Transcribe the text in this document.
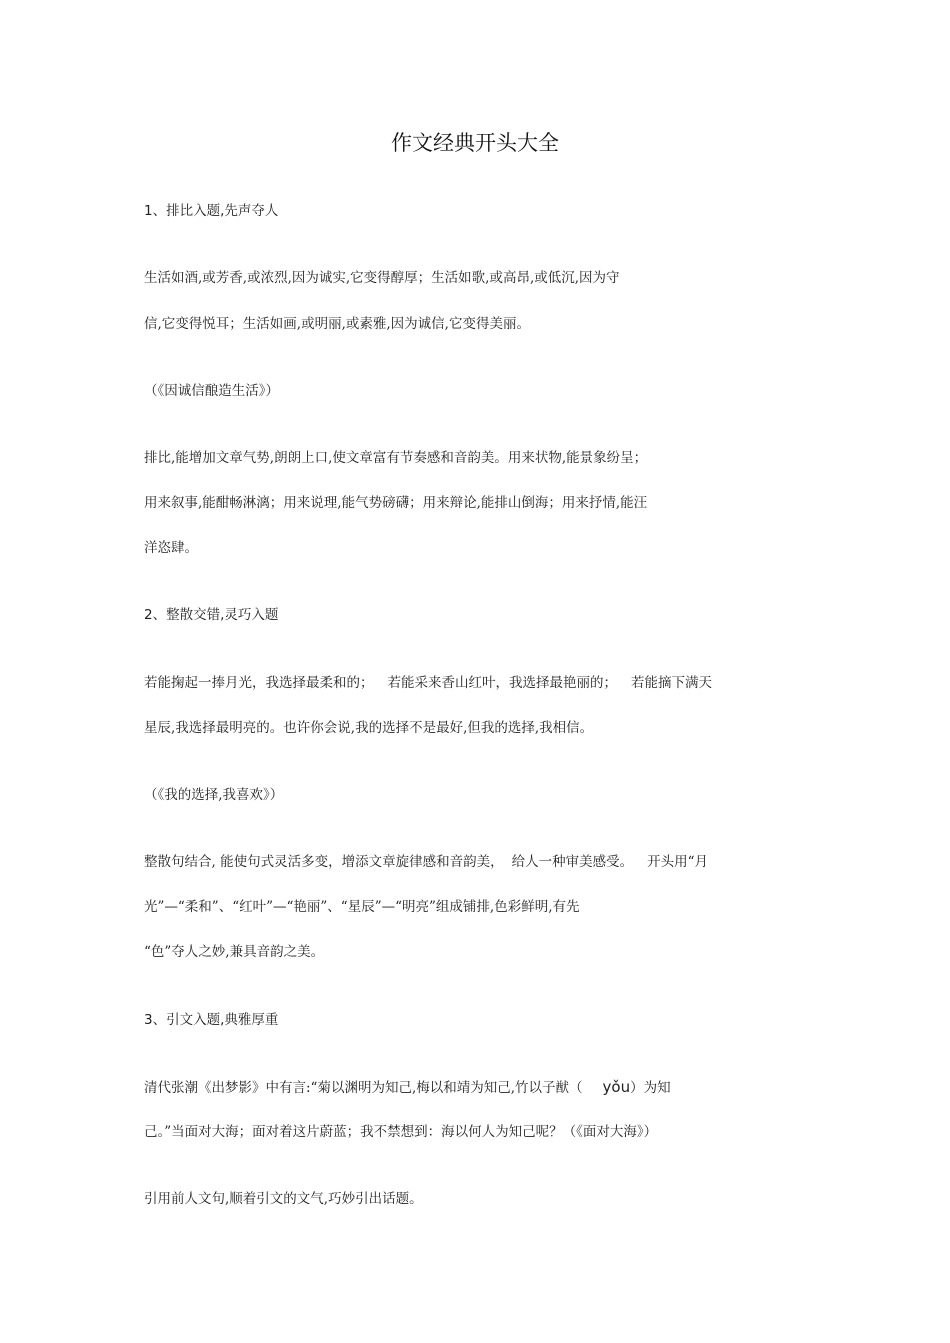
作文经典开头大全
1、排比入题,先声夺人
生活如酒,或芳香,或浓烈,因为诚实,它变得醇厚；生活如歌,或高昂,或低沉,因为守
信,它变得悦耳；生活如画,或明丽,或素雅,因为诚信,它变得美丽。
（《因诚信酿造生活》）
排比,能增加文章气势,朗朗上口,使文章富有节奏感和音韵美。用来状物,能景象纷呈；
用来叙事,能酣畅淋漓；用来说理,能气势磅礴；用来辩论,能排山倒海；用来抒情,能汪
洋恣肆。
2、整散交错,灵巧入题
若能掬起一捧月光，我选择最柔和的； 若能采来香山红叶，我选择最艳丽的； 若能摘下满天
星辰,我选择最明亮的。也许你会说,我的选择不是最好,但我的选择,我相信。
（《我的选择,我喜欢》）
整散句结合, 能使句式灵活多变，增添文章旋律感和音韵美， 给人一种审美感受。 开头用“月
光”—“柔和”、“红叶”—“艳丽”、“星辰”—“明亮”组成铺排,色彩鲜明,有先
“色”夺人之妙,兼具音韵之美。
3、引文入题,典雅厚重
清代张潮《出梦影》中有言:“菊以渊明为知己,梅以和靖为知己,竹以子猷（ yǒu）为知
己。”当面对大海；面对着这片蔚蓝；我不禁想到：海以何人为知己呢？（《面对大海》）
引用前人文句,顺着引文的文气,巧妙引出话题。
